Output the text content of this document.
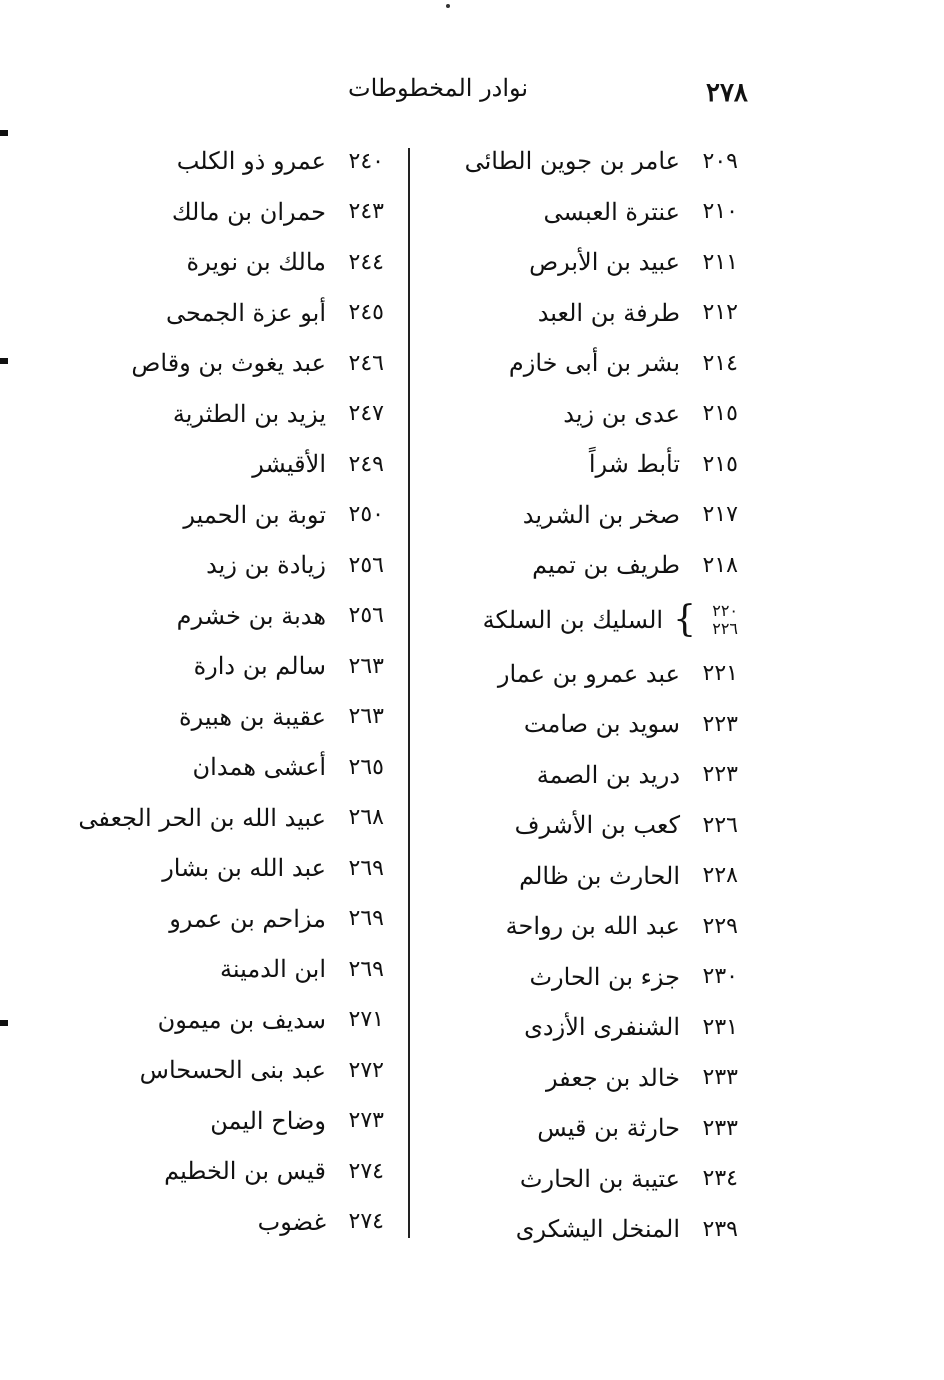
٢٧٨
نوادر المخطوطات
٢٠٩
عامر بن جوين الطائى
٢١٠
عنترة العبسى
٢١١
عبيد بن الأبرص
٢١٢
طرفة بن العبد
٢١٤
بشر بن أبى خازم
٢١٥
عدى بن زيد
٢١٥
تأبط شراً
٢١٧
صخر بن الشريد
٢١٨
طريف بن تميم
٢٢٠
٢٢٦
}
السليك بن السلكة
٢٢١
عبد عمرو بن عمار
٢٢٣
سويد بن صامت
٢٢٣
دريد بن الصمة
٢٢٦
كعب بن الأشرف
٢٢٨
الحارث بن ظالم
٢٢٩
عبد الله بن رواحة
٢٣٠
جزء بن الحارث
٢٣١
الشنفرى الأزدى
٢٣٣
خالد بن جعفر
٢٣٣
حارثة بن قيس
٢٣٤
عتيبة بن الحارث
٢٣٩
المنخل اليشكرى
٢٤٠
عمرو ذو الكلب
٢٤٣
حمران بن مالك
٢٤٤
مالك بن نويرة
٢٤٥
أبو عزة الجمحى
٢٤٦
عبد يغوث بن وقاص
٢٤٧
يزيد بن الطثرية
٢٤٩
الأقيشر
٢٥٠
توبة بن الحمير
٢٥٦
زيادة بن زيد
٢٥٦
هدبة بن خشرم
٢٦٣
سالم بن دارة
٢٦٣
عقيبة بن هبيرة
٢٦٥
أعشى همدان
٢٦٨
عبيد الله بن الحر الجعفى
٢٦٩
عبد الله بن بشار
٢٦٩
مزاحم بن عمرو
٢٦٩
ابن الدمينة
٢٧١
سديف بن ميمون
٢٧٢
عبد بنى الحسحاس
٢٧٣
وضاح اليمن
٢٧٤
قيس بن الخطيم
٢٧٤
غضوب
